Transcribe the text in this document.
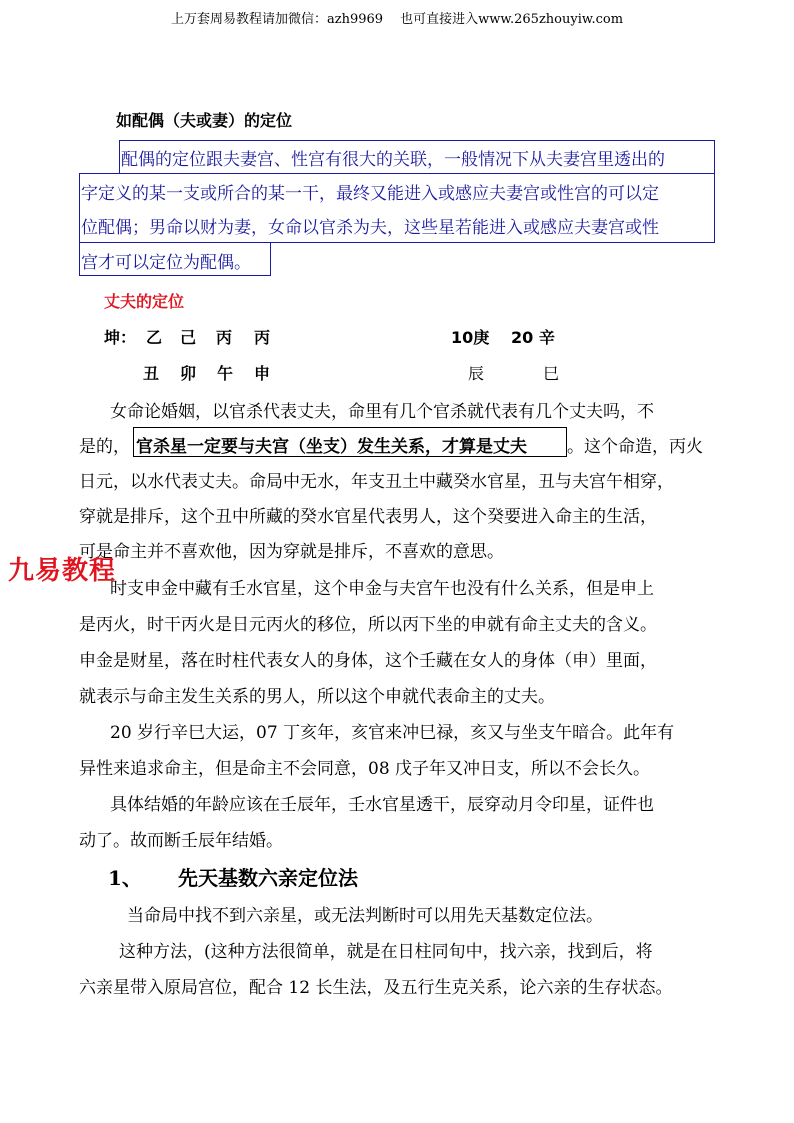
上万套周易教程请加微信：azh9969　 也可直接进入www.265zhouyiw.com
如配偶（夫或妻）的定位
配偶的定位跟夫妻宫、性宫有很大的关联，一般情况下从夫妻宫里透出的
字定义的某一支或所合的某一干，最终又能进入或感应夫妻宫或性宫的可以定
位配偶；男命以财为妻，女命以官杀为夫，这些星若能进入或感应夫妻宫或性
宫才可以定位为配偶。
丈夫的定位
坤： 乙 己 丙 丙	10庚 20 辛
丑 卯 午 申	辰	巳
女命论婚姻，以官杀代表丈夫，命里有几个官杀就代表有几个丈夫吗，不
是的， 官杀星一定要与夫宫（坐支）发生关系，才算是丈夫 。这个命造，丙火
日元，以水代表丈夫。命局中无水，年支丑土中藏癸水官星，丑与夫宫午相穿，
穿就是排斥，这个丑中所藏的癸水官星代表男人，这个癸要进入命主的生活，
可是命主并不喜欢他，因为穿就是排斥，不喜欢的意思。
九易教程
时支申金中藏有壬水官星，这个申金与夫宫午也没有什么关系，但是申上
是丙火，时干丙火是日元丙火的移位，所以丙下坐的申就有命主丈夫的含义。
申金是财星，落在时柱代表女人的身体，这个壬藏在女人的身体（申）里面，
就表示与命主发生关系的男人，所以这个申就代表命主的丈夫。
20 岁行辛巳大运，07 丁亥年，亥官来冲巳禄，亥又与坐支午暗合。此年有
异性来追求命主，但是命主不会同意，08 戊子年又冲日支，所以不会长久。
具体结婚的年龄应该在壬辰年，壬水官星透干，辰穿动月令印星，证件也
动了。故而断壬辰年结婚。
1、 先天基数六亲定位法
当命局中找不到六亲星，或无法判断时可以用先天基数定位法。
这种方法，(这种方法很简单，就是在日柱同旬中，找六亲，找到后，将
六亲星带入原局宫位，配合 12 长生法，及五行生克关系，论六亲的生存状态。
